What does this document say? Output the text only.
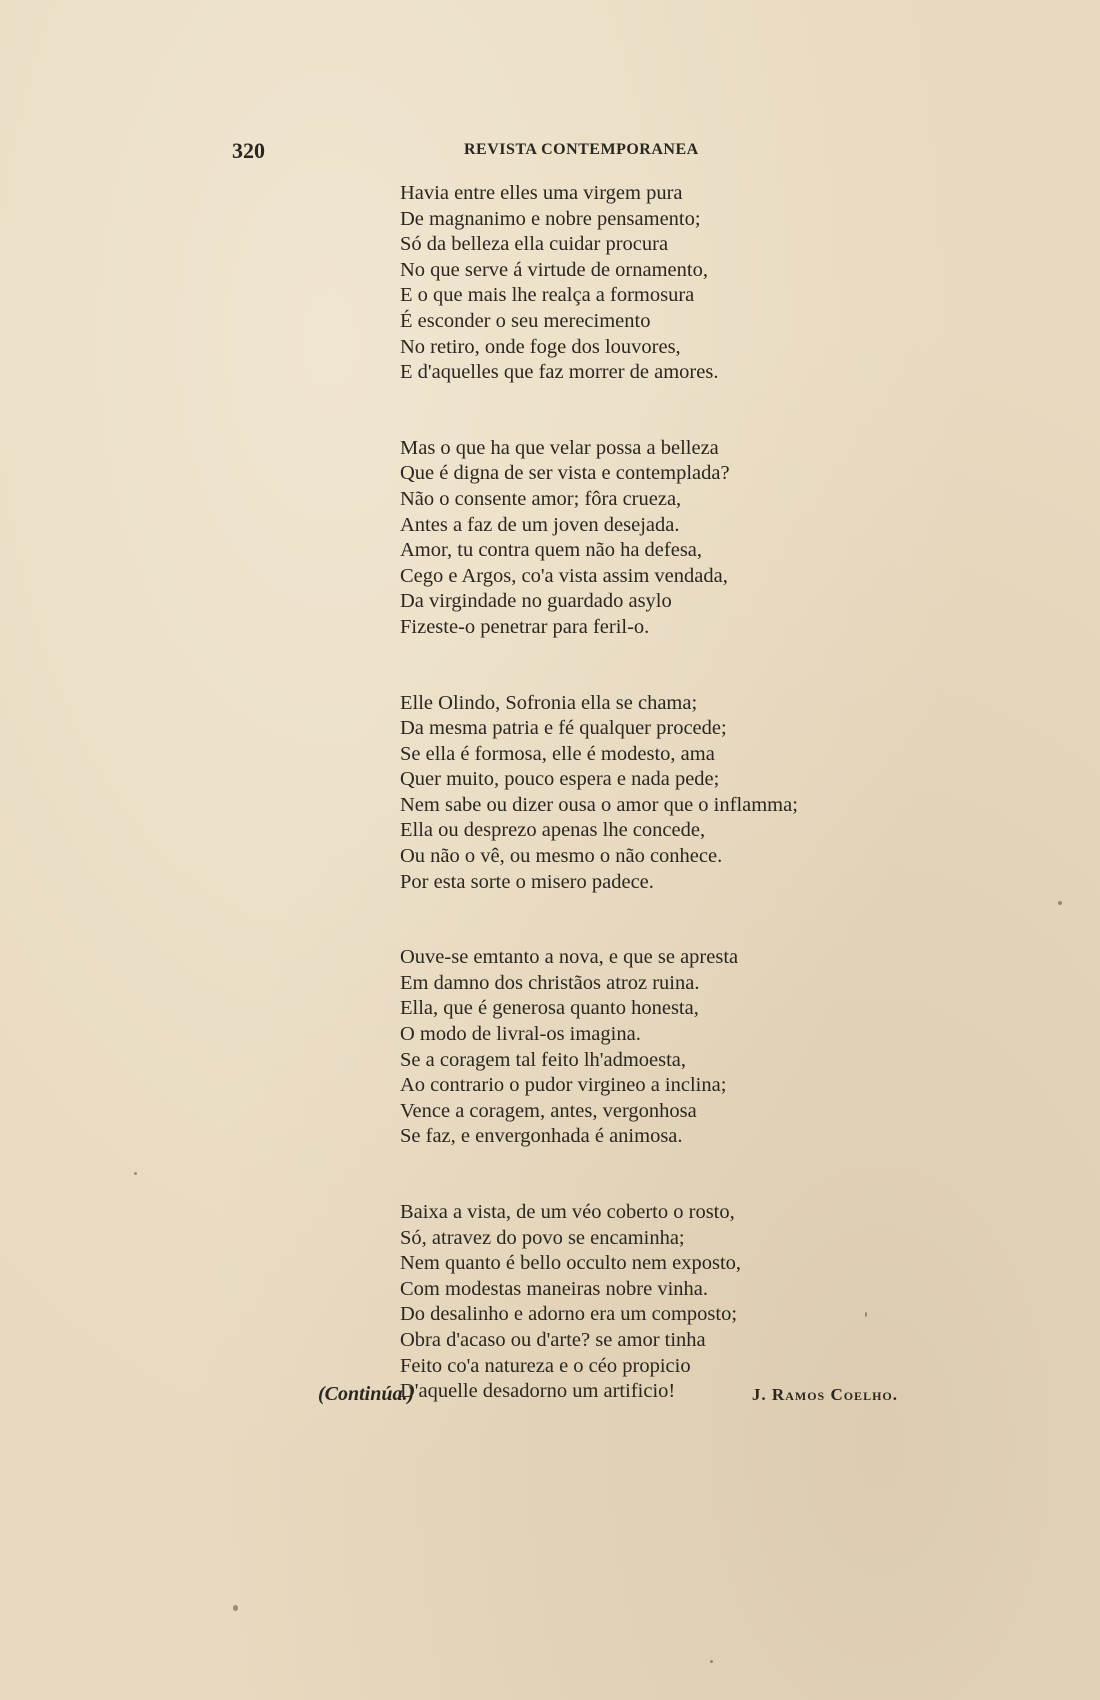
320	REVISTA CONTEMPORANEA
Havia entre elles uma virgem pura
De magnanimo e nobre pensamento;
Só da belleza ella cuidar procura
No que serve á virtude de ornamento,
E o que mais lhe realça a formosura
É esconder o seu merecimento
No retiro, onde foge dos louvores,
E d'aquelles que faz morrer de amores.
Mas o que ha que velar possa a belleza
Que é digna de ser vista e contemplada?
Não o consente amor; fôra crueza,
Antes a faz de um joven desejada.
Amor, tu contra quem não ha defesa,
Cego e Argos, co'a vista assim vendada,
Da virgindade no guardado asylo
Fizeste-o penetrar para feril-o.
Elle Olindo, Sofronia ella se chama;
Da mesma patria e fé qualquer procede;
Se ella é formosa, elle é modesto, ama
Quer muito, pouco espera e nada pede;
Nem sabe ou dizer ousa o amor que o inflamma;
Ella ou desprezo apenas lhe concede,
Ou não o vê, ou mesmo o não conhece.
Por esta sorte o misero padece.
Ouve-se emtanto a nova, e que se apresta
Em damno dos christãos atroz ruina.
Ella, que é generosa quanto honesta,
O modo de livral-os imagina.
Se a coragem tal feito lh'admoesta,
Ao contrario o pudor virgineo a inclina;
Vence a coragem, antes, vergonhosa
Se faz, e envergonhada é animosa.
Baixa a vista, de um véo coberto o rosto,
Só, atravez do povo se encaminha;
Nem quanto é bello occulto nem exposto,
Com modestas maneiras nobre vinha.
Do desalinho e adorno era um composto;
Obra d'acaso ou d'arte? se amor tinha
Feito co'a natureza e o céo propicio
D'aquelle desadorno um artificio!
(Continúa.)	J. Ramos Coelho.
